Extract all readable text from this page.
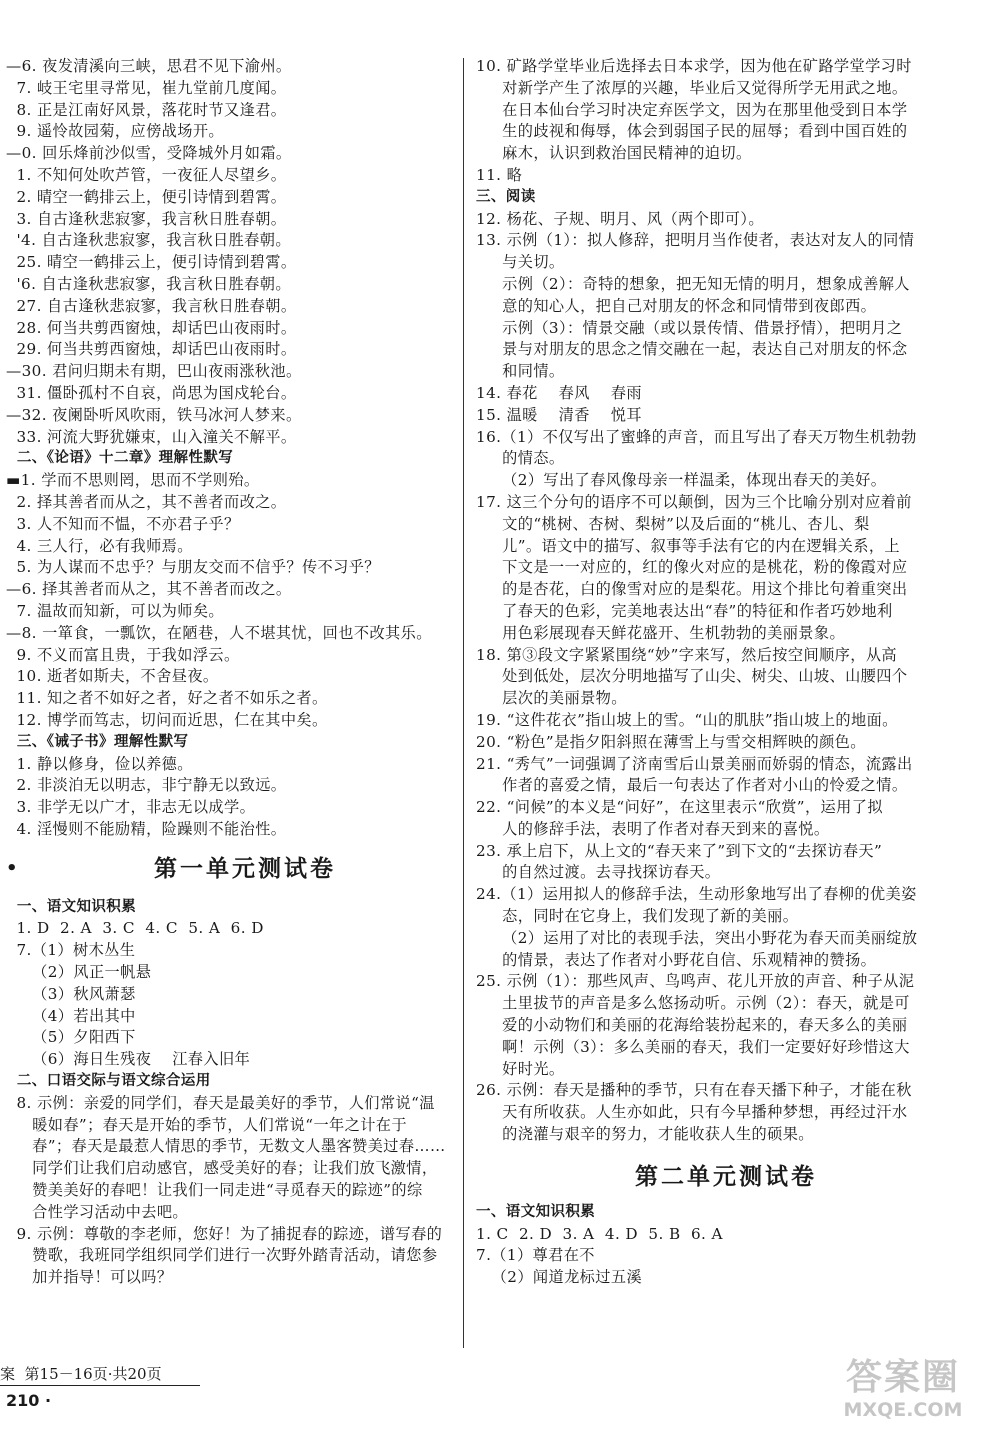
—6. 夜发清溪向三峡，思君不见下渝州。
7. 岐王宅里寻常见，崔九堂前几度闻。
8. 正是江南好风景，落花时节又逢君。
9. 遥怜故园菊，应傍战场开。
—0. 回乐烽前沙似雪，受降城外月如霜。
1. 不知何处吹芦管，一夜征人尽望乡。
2. 晴空一鹤排云上，便引诗情到碧霄。
3. 自古逢秋悲寂寥，我言秋日胜春朝。
'4. 自古逢秋悲寂寥，我言秋日胜春朝。
25. 晴空一鹤排云上，便引诗情到碧霄。
'6. 自古逢秋悲寂寥，我言秋日胜春朝。
27. 自古逢秋悲寂寥，我言秋日胜春朝。
28. 何当共剪西窗烛，却话巴山夜雨时。
29. 何当共剪西窗烛，却话巴山夜雨时。
—30. 君问归期未有期，巴山夜雨涨秋池。
31. 僵卧孤村不自哀，尚思为国戍轮台。
—32. 夜阑卧听风吹雨，铁马冰河人梦来。
33. 河流大野犹嫌束，山入潼关不解平。
二、《论语》十二章》理解性默写
▬1. 学而不思则罔，思而不学则殆。
2. 择其善者而从之，其不善者而改之。
3. 人不知而不愠，不亦君子乎？
4. 三人行，必有我师焉。
5. 为人谋而不忠乎？与朋友交而不信乎？传不习乎？
—6. 择其善者而从之，其不善者而改之。
7. 温故而知新，可以为师矣。
—8. 一箪食，一瓢饮，在陋巷，人不堪其忧，回也不改其乐。
9. 不义而富且贵，于我如浮云。
10. 逝者如斯夫，不舍昼夜。
11. 知之者不如好之者，好之者不如乐之者。
12. 博学而笃志，切问而近思，仁在其中矣。
三、《诫子书》理解性默写
1. 静以修身，俭以养德。
2. 非淡泊无以明志，非宁静无以致远。
3. 非学无以广才，非志无以成学。
4. 淫慢则不能励精，险躁则不能治性。
第一单元测试卷
•
一、语文知识积累
1. D  2. A  3. C  4. C  5. A  6. D
7.（1）树木丛生
（2）风正一帆悬
（3）秋风萧瑟
（4）若出其中
（5）夕阳西下
（6）海日生残夜    江春入旧年
二、口语交际与语文综合运用
8. 示例：亲爱的同学们，春天是最美好的季节，人们常说“温
暖如春”；春天是开始的季节，人们常说“一年之计在于
春”；春天是最惹人情思的季节，无数文人墨客赞美过春……
同学们让我们启动感官，感受美好的春；让我们放飞激情，
赞美美好的春吧！让我们一同走进“寻觅春天的踪迹”的综
合性学习活动中去吧。
9. 示例：尊敬的李老师，您好！为了捕捉春的踪迹，谱写春的
赞歌，我班同学组织同学们进行一次野外踏青活动，请您参
加并指导！可以吗？
10. 矿路学堂毕业后选择去日本求学，因为他在矿路学堂学习时
对新学产生了浓厚的兴趣，毕业后又觉得所学无用武之地。
在日本仙台学习时决定弃医学文，因为在那里他受到日本学
生的歧视和侮辱，体会到弱国子民的屈辱；看到中国百姓的
麻木，认识到救治国民精神的迫切。
11. 略
三、阅读
12. 杨花、子规、明月、风（两个即可）。
13. 示例（1）：拟人修辞，把明月当作使者，表达对友人的同情
与关切。
示例（2）：奇特的想象，把无知无情的明月，想象成善解人
意的知心人，把自己对朋友的怀念和同情带到夜郎西。
示例（3）：情景交融（或以景传情、借景抒情），把明月之
景与对朋友的思念之情交融在一起，表达自己对朋友的怀念
和同情。
14. 春花    春风    春雨
15. 温暖    清香    悦耳
16.（1）不仅写出了蜜蜂的声音，而且写出了春天万物生机勃勃
的情态。
（2）写出了春风像母亲一样温柔，体现出春天的美好。
17. 这三个分句的语序不可以颠倒，因为三个比喻分别对应着前
文的“桃树、杏树、梨树”以及后面的“桃儿、杏儿、梨
儿”。语文中的描写、叙事等手法有它的内在逻辑关系，上
下文是一一对应的，红的像火对应的是桃花，粉的像霞对应
的是杏花，白的像雪对应的是梨花。用这个排比句着重突出
了春天的色彩，完美地表达出“春”的特征和作者巧妙地利
用色彩展现春天鲜花盛开、生机勃勃的美丽景象。
18. 第③段文字紧紧围绕“妙”字来写，然后按空间顺序，从高
处到低处，层次分明地描写了山尖、树尖、山坡、山腰四个
层次的美丽景物。
19. “这件花衣”指山坡上的雪。“山的肌肤”指山坡上的地面。
20. “粉色”是指夕阳斜照在薄雪上与雪交相辉映的颜色。
21. “秀气”一词强调了济南雪后山景美丽而娇弱的情态，流露出
作者的喜爱之情，最后一句表达了作者对小山的怜爱之情。
22. “问候”的本义是“问好”，在这里表示“欣赏”，运用了拟
人的修辞手法，表明了作者对春天到来的喜悦。
23. 承上启下，从上文的“春天来了”到下文的“去探访春天”
的自然过渡。去寻找探访春天。
24.（1）运用拟人的修辞手法，生动形象地写出了春柳的优美姿
态，同时在它身上，我们发现了新的美丽。
（2）运用了对比的表现手法，突出小野花为春天而美丽绽放
的情景，表达了作者对小野花自信、乐观精神的赞扬。
25. 示例（1）：那些风声、鸟鸣声、花儿开放的声音、种子从泥
土里拔节的声音是多么悠扬动听。示例（2）：春天，就是可
爱的小动物们和美丽的花海给装扮起来的，春天多么的美丽
啊！示例（3）：多么美丽的春天，我们一定要好好珍惜这大
好时光。
26. 示例：春天是播种的季节，只有在春天播下种子，才能在秋
天有所收获。人生亦如此，只有今早播种梦想，再经过汗水
的浇灌与艰辛的努力，才能收获人生的硕果。
第二单元测试卷
一、语文知识积累
1. C  2. D  3. A  4. D  5. B  6. A
7.（1）尊君在不
（2）闻道龙标过五溪
案  第15－16页·共20页
210 ·
答案圈
MXQE.COM
